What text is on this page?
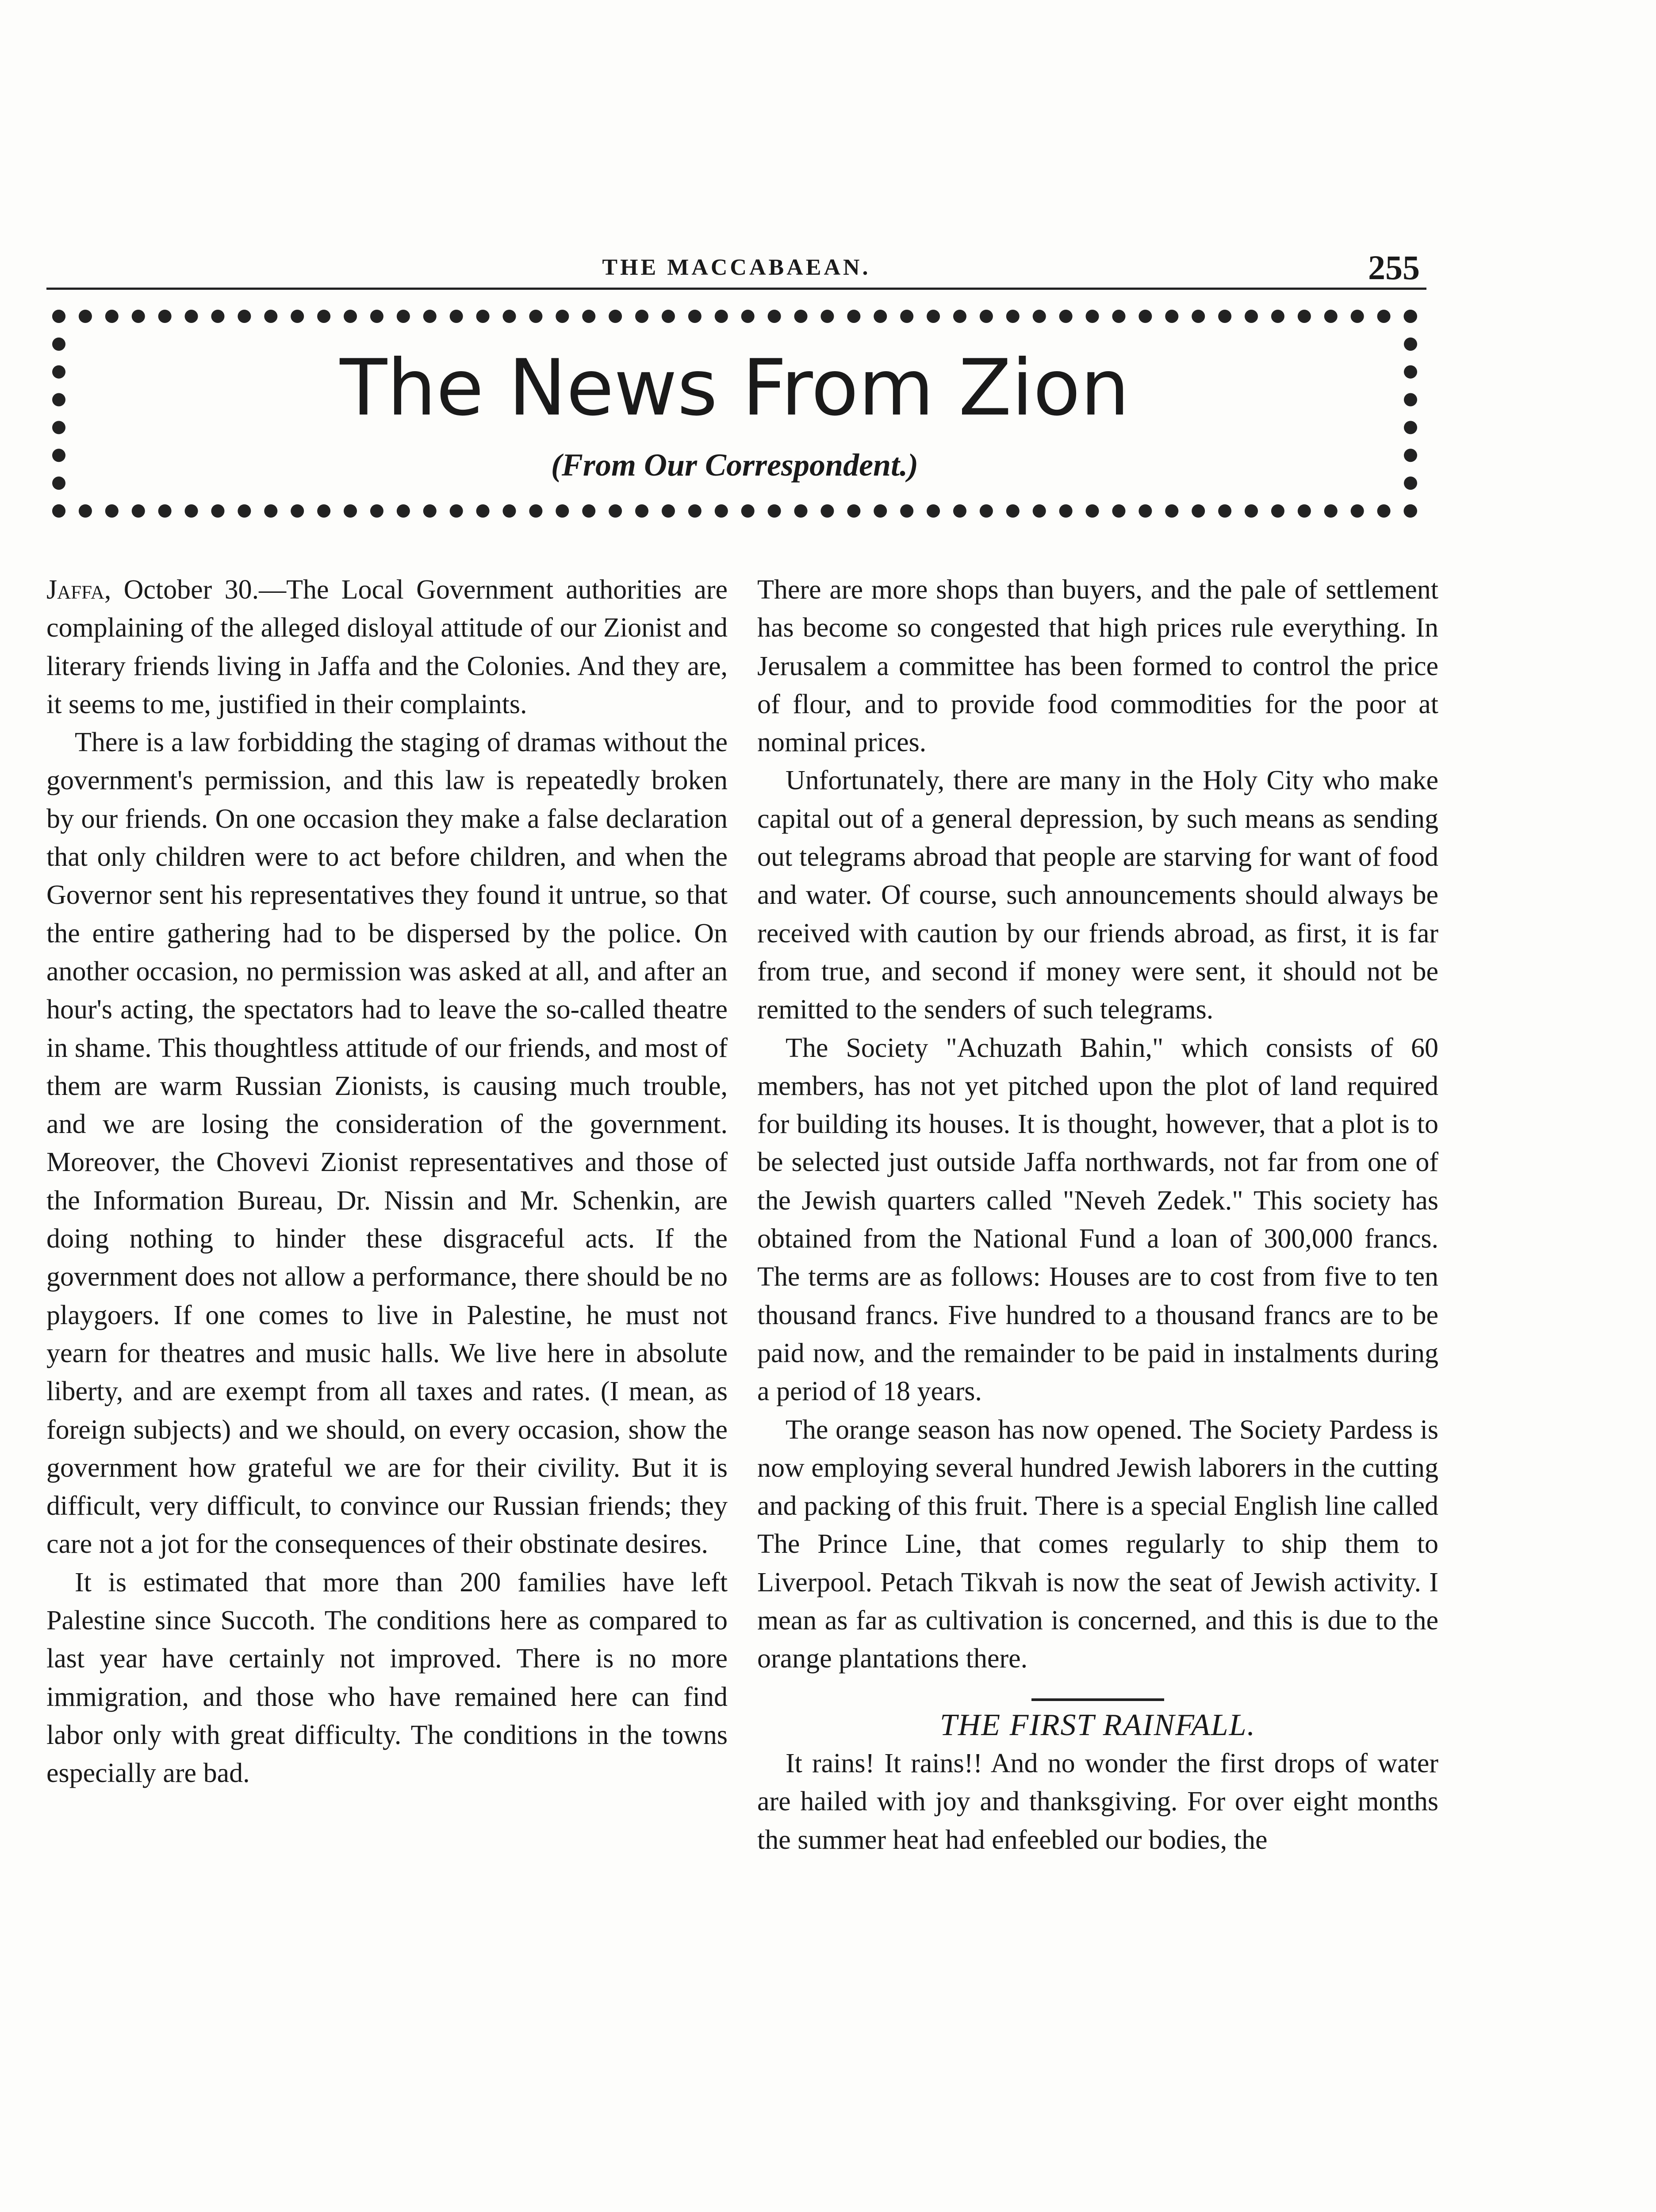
THE MACCABAEAN.	255
The News From Zion
(From Our Correspondent.)

Jaffa, October 30.—The Local Government authorities are complaining of the alleged disloyal attitude of our Zionist and literary friends living in Jaffa and the Colonies. And they are, it seems to me, justified in their complaints.

There is a law forbidding the staging of dramas without the government's permission, and this law is repeatedly broken by our friends. On one occasion they make a false declaration that only children were to act before children, and when the Governor sent his representatives they found it untrue, so that the entire gathering had to be dispersed by the police. On another occasion, no permission was asked at all, and after an hour's acting, the spectators had to leave the so-called theatre in shame. This thoughtless attitude of our friends, and most of them are warm Russian Zionists, is causing much trouble, and we are losing the consideration of the government. Moreover, the Chovevi Zionist representatives and those of the Information Bureau, Dr. Nissin and Mr. Schenkin, are doing nothing to hinder these disgraceful acts. If the government does not allow a performance, there should be no playgoers. If one comes to live in Palestine, he must not yearn for theatres and music halls. We live here in absolute liberty, and are exempt from all taxes and rates. (I mean, as foreign subjects) and we should, on every occasion, show the government how grateful we are for their civility. But it is difficult, very difficult, to convince our Russian friends; they care not a jot for the consequences of their obstinate desires.

It is estimated that more than 200 families have left Palestine since Succoth. The conditions here as compared to last year have certainly not improved. There is no more immigration, and those who have remained here can find labor only with great difficulty. The conditions in the towns especially are bad.

There are more shops than buyers, and the pale of settlement has become so congested that high prices rule everything. In Jerusalem a committee has been formed to control the price of flour, and to provide food commodities for the poor at nominal prices.

Unfortunately, there are many in the Holy City who make capital out of a general depression, by such means as sending out telegrams abroad that people are starving for want of food and water. Of course, such announcements should always be received with caution by our friends abroad, as first, it is far from true, and second if money were sent, it should not be remitted to the senders of such telegrams.

The Society "Achuzath Bahin," which consists of 60 members, has not yet pitched upon the plot of land required for building its houses. It is thought, however, that a plot is to be selected just outside Jaffa northwards, not far from one of the Jewish quarters called "Neveh Zedek." This society has obtained from the National Fund a loan of 300,000 francs. The terms are as follows: Houses are to cost from five to ten thousand francs. Five hundred to a thousand francs are to be paid now, and the remainder to be paid in instalments during a period of 18 years.

The orange season has now opened. The Society Pardess is now employing several hundred Jewish laborers in the cutting and packing of this fruit. There is a special English line called The Prince Line, that comes regularly to ship them to Liverpool. Petach Tikvah is now the seat of Jewish activity. I mean as far as cultivation is concerned, and this is due to the orange plantations there.

THE FIRST RAINFALL.

It rains! It rains!! And no wonder the first drops of water are hailed with joy and thanksgiving. For over eight months the summer heat had enfeebled our bodies, the
